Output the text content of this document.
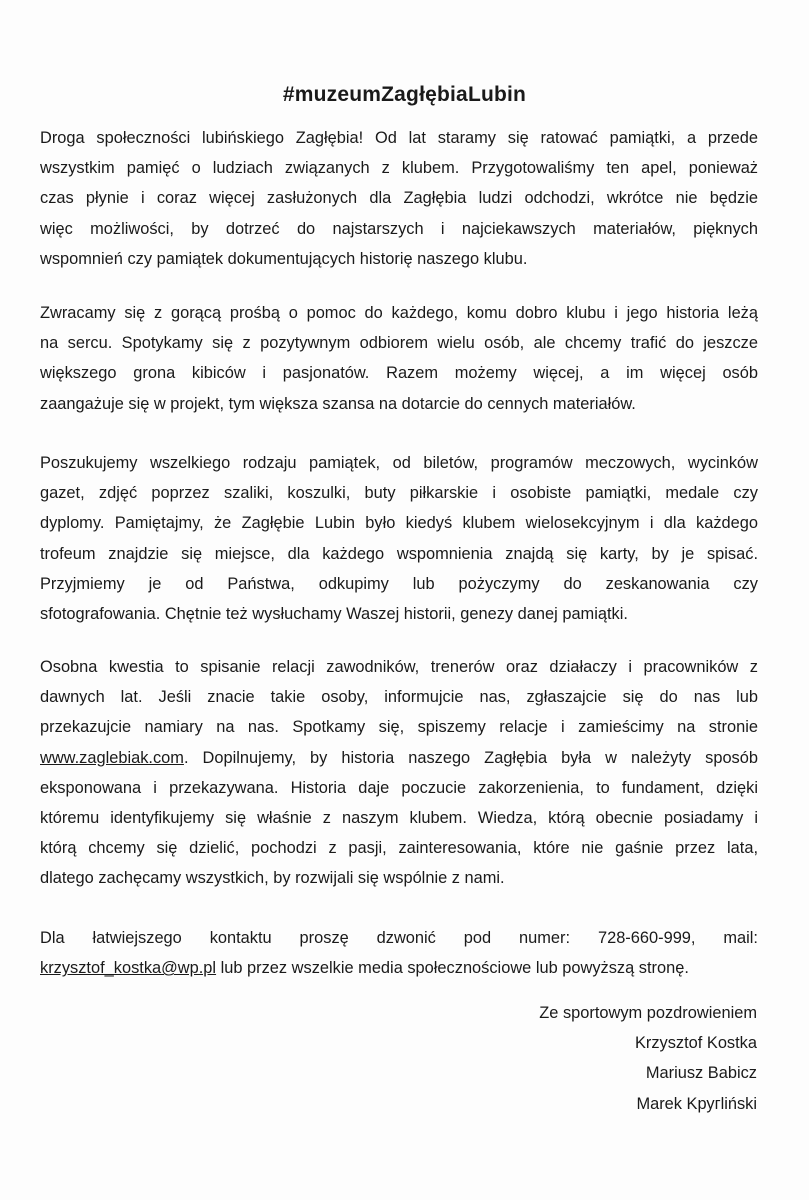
#muzeumZagłębiaLubin

Droga społeczności lubińskiego Zagłębia! Od lat staramy się ratować pamiątki, a przede
wszystkim pamięć o ludziach związanych z klubem. Przygotowaliśmy ten apel, ponieważ
czas płynie i coraz więcej zasłużonych dla Zagłębia ludzi odchodzi, wkrótce nie będzie
więc możliwości, by dotrzeć do najstarszych i najciekawszych materiałów, pięknych
wspomnień czy pamiątek dokumentujących historię naszego klubu.

Zwracamy się z gorącą prośbą o pomoc do każdego, komu dobro klubu i jego historia leżą
na sercu. Spotykamy się z pozytywnym odbiorem wielu osób, ale chcemy trafić do jeszcze
większego grona kibiców i pasjonatów. Razem możemy więcej, a im więcej osób
zaangażuje się w projekt, tym większa szansa na dotarcie do cennych materiałów.

Poszukujemy wszelkiego rodzaju pamiątek, od biletów, programów meczowych, wycinków
gazet, zdjęć poprzez szaliki, koszulki, buty piłkarskie i osobiste pamiątki, medale czy
dyplomy. Pamiętajmy, że Zagłębie Lubin było kiedyś klubem wielosekcyjnym i dla każdego
trofeum znajdzie się miejsce, dla każdego wspomnienia znajdą się karty, by je spisać.
Przyjmiemy je od Państwa, odkupimy lub pożyczymy do zeskanowania czy
sfotografowania. Chętnie też wysłuchamy Waszej historii, genezy danej pamiątki.

Osobna kwestia to spisanie relacji zawodników, trenerów oraz działaczy i pracowników z
dawnych lat. Jeśli znacie takie osoby, informujcie nas, zgłaszajcie się do nas lub
przekazujcie namiary na nas. Spotkamy się, spiszemy relacje i zamieścimy na stronie
www.zaglebiak.com. Dopilnujemy, by historia naszego Zagłębia była w należyty sposób
eksponowana i przekazywana. Historia daje poczucie zakorzenienia, to fundament, dzięki
któremu identyfikujemy się właśnie z naszym klubem. Wiedza, którą obecnie posiadamy i
którą chcemy się dzielić, pochodzi z pasji, zainteresowania, które nie gaśnie przez lata,
dlatego zachęcamy wszystkich, by rozwijali się wspólnie z nami.

Dla łatwiejszego kontaktu proszę dzwonić pod numer: 728-660-999, mail:
krzysztof_kostka@wp.pl lub przez wszelkie media społecznościowe lub powyższą stronę.

Ze sportowym pozdrowieniem
Krzysztof Kostka
Mariusz Babicz
Marek Kругliński
